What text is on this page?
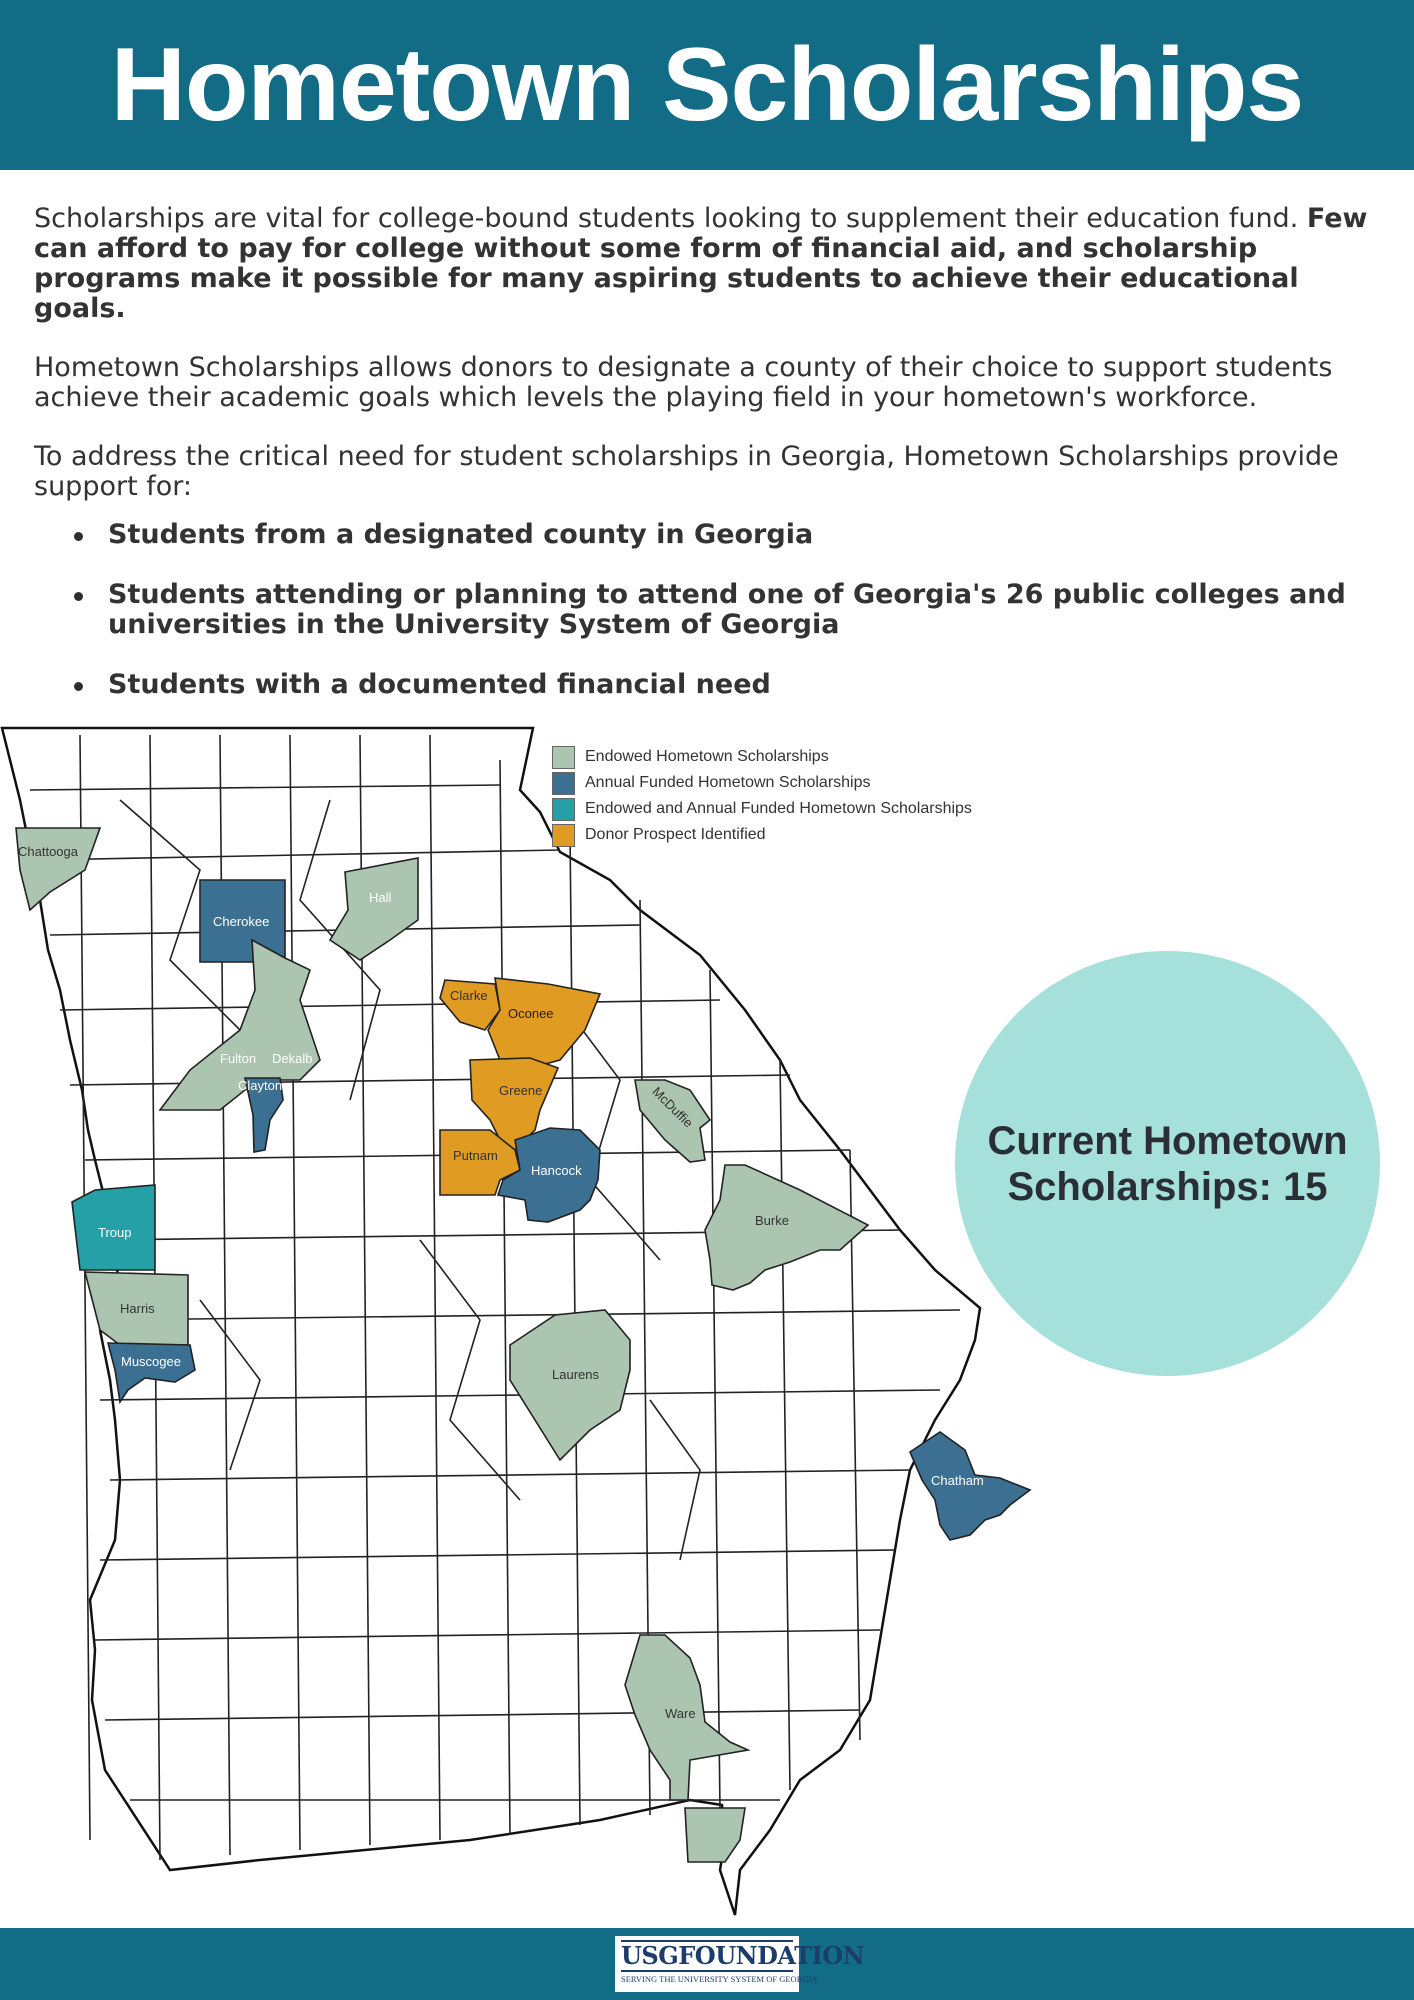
Hometown Scholarships

Scholarships are vital for college-bound students looking to supplement their education fund. Few can afford to pay for college without some form of financial aid, and scholarship programs make it possible for many aspiring students to achieve their educational goals.

Hometown Scholarships allows donors to designate a county of their choice to support students achieve their academic goals which levels the playing field in your hometown's workforce.

To address the critical need for student scholarships in Georgia, Hometown Scholarships provide support for:

Students from a designated county in Georgia
Students attending or planning to attend one of Georgia's 26 public colleges and universities in the University System of Georgia
Students with a documented financial need
Chattooga
Cherokee
Hall
Clarke
Oconee
Fulton Dekalb
Clayton	Greene	McDuffie
Putnam
Hancock
Troup
Burke
Harris
Muscogee
Laurens
Chatham
Ware
Endowed Hometown Scholarships
Annual Funded Hometown Scholarships
Endowed and Annual Funded Hometown Scholarships
Donor Prospect Identified
Current Hometown Scholarships: 15
USGFOUNDATION
SERVING THE UNIVERSITY SYSTEM OF GEORGIA
